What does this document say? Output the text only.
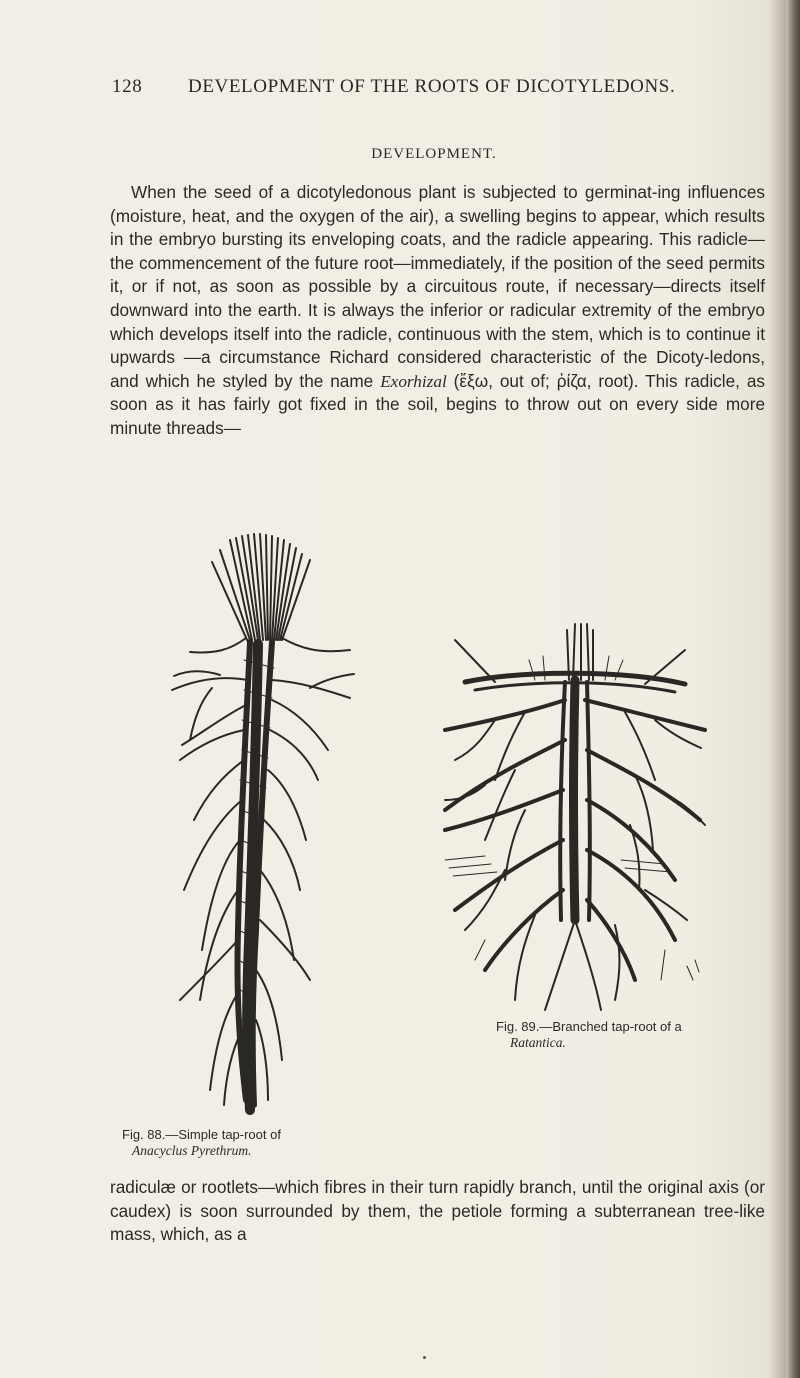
128 DEVELOPMENT OF THE ROOTS OF DICOTYLEDONS.
DEVELOPMENT.

When the seed of a dicotyledonous plant is subjected to germinat-ing influences (moisture, heat, and the oxygen of the air), a swelling begins to appear, which results in the embryo bursting its enveloping coats, and the radicle appearing. This radicle—the commencement of the future root—immediately, if the position of the seed permits it, or if not, as soon as possible by a circuitous route, if necessary—directs itself downward into the earth. It is always the inferior or radicular extremity of the embryo which develops itself into the radicle, continuous with the stem, which is to continue it upwards —a circumstance Richard considered characteristic of the Dicoty-ledons, and which he styled by the name Exorhizal (ἔξω, out of; ῥίζα, root). This radicle, as soon as it has fairly got fixed in the soil, begins to throw out on every side more minute threads—

Fig. 89.—Branched tap-root of a
Ratantica.
Fig. 88.—Simple tap-root of
Anacyclus Pyrethrum.

radiculæ or rootlets—which fibres in their turn rapidly branch, until the original axis (or caudex) is soon surrounded by them, the petiole forming a subterranean tree-like mass, which, as a
